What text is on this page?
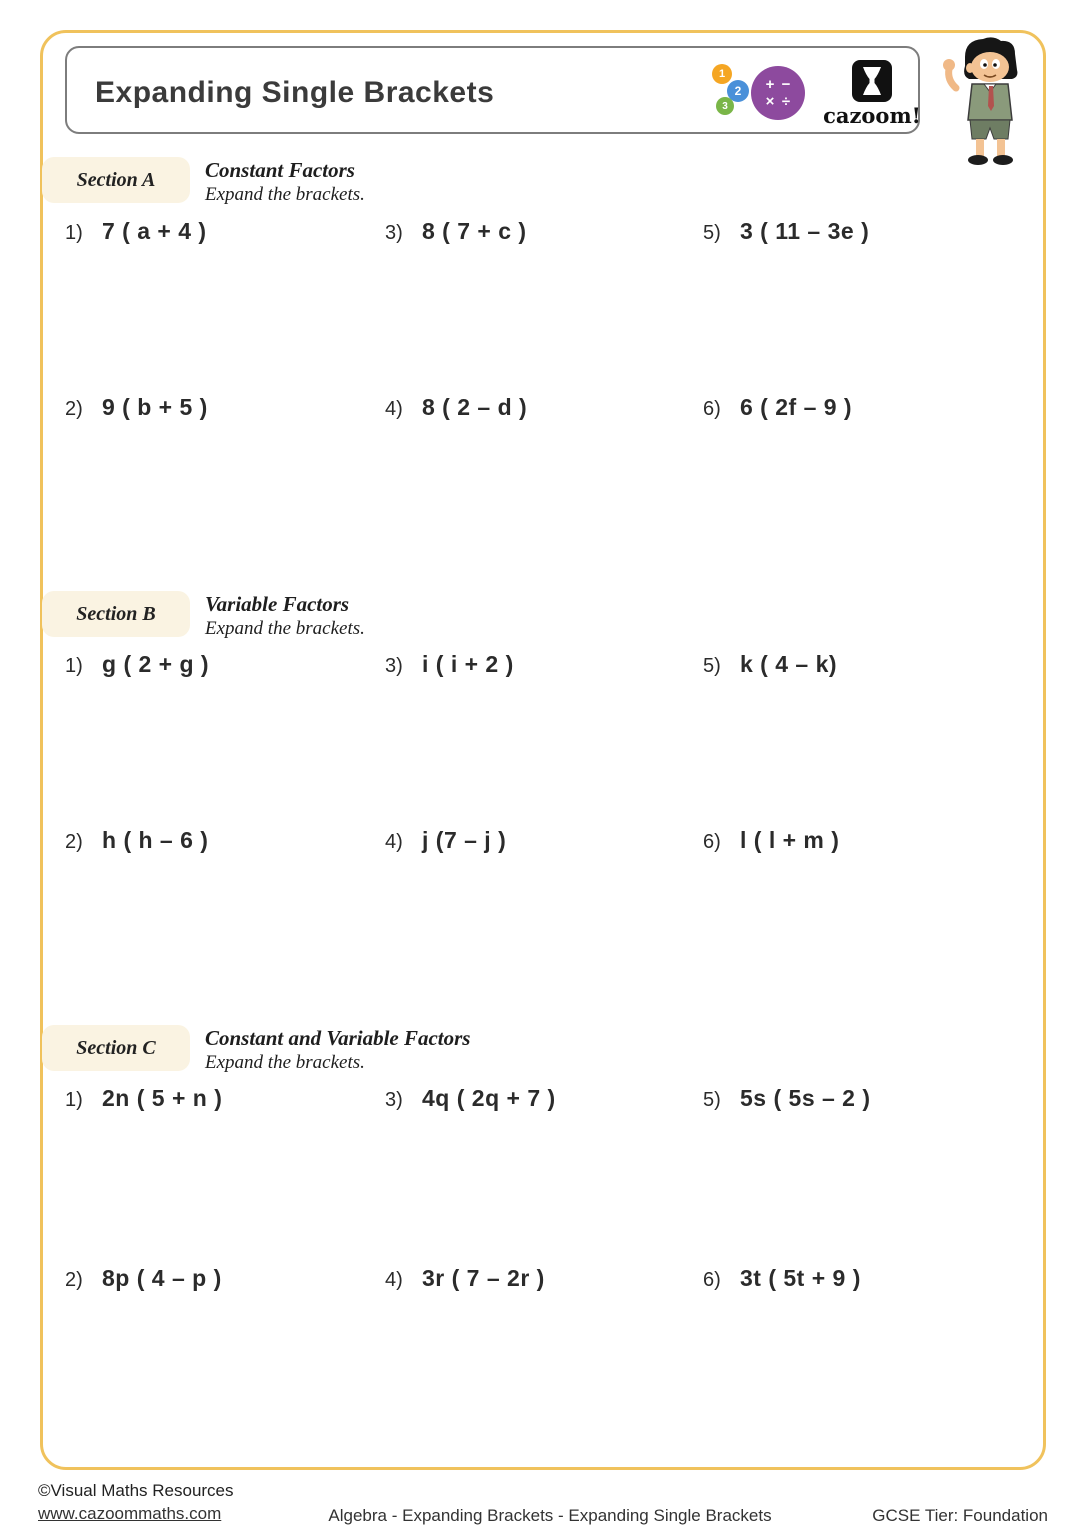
Expanding Single Brackets
1
2
3
+ −
× ÷
cazoom!
Section A Constant Factors
Expand the brackets.
1) 7 ( a + 4 )	3) 8 ( 7 + c )	5) 3 ( 11 – 3e )
2) 9 ( b + 5 )	4) 8 ( 2 – d )	6) 6 ( 2f – 9 )
Section B Variable Factors
Expand the brackets.
1) g ( 2 + g )	3) i ( i + 2 )	5) k ( 4 – k)
2) h ( h – 6 )	4) j (7 – j )	6) l ( l + m )
Section C Constant and Variable Factors
Expand the brackets.
1) 2n ( 5 + n )	3) 4q ( 2q + 7 )	5) 5s ( 5s – 2 )
2) 8p ( 4 – p )	4) 3r ( 7 – 2r )	6) 3t ( 5t + 9 )
©Visual Maths Resources
www.cazoommaths.com	Algebra - Expanding Brackets - Expanding Single Brackets	GCSE Tier: Foundation
